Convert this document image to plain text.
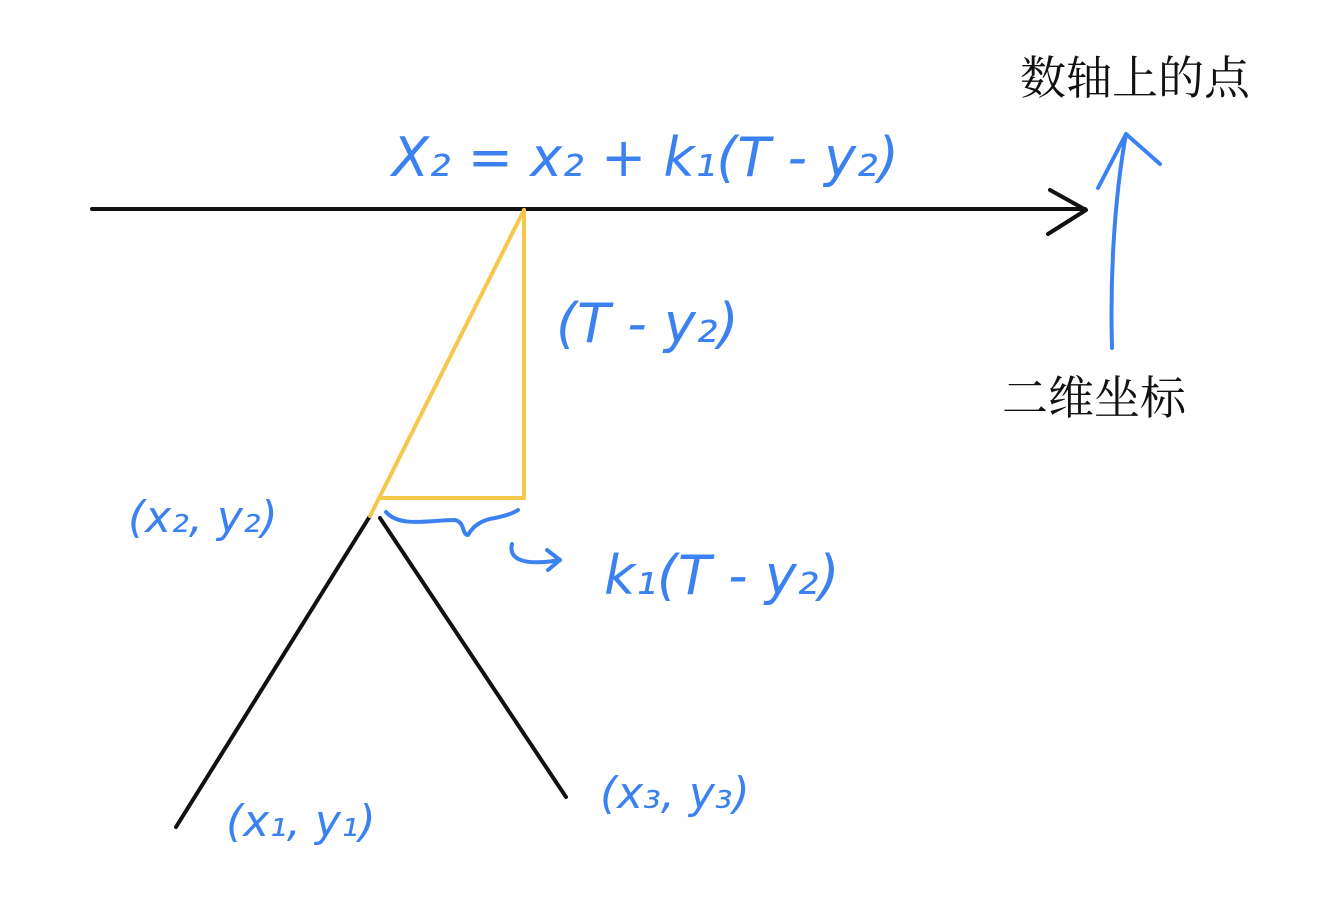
数轴上的点
二维坐标
X₂ = x₂ + k₁(T - y₂)
(T - y₂)
k₁(T - y₂)
(x₂, y₂)
(x₁, y₁)
(x₃, y₃)
